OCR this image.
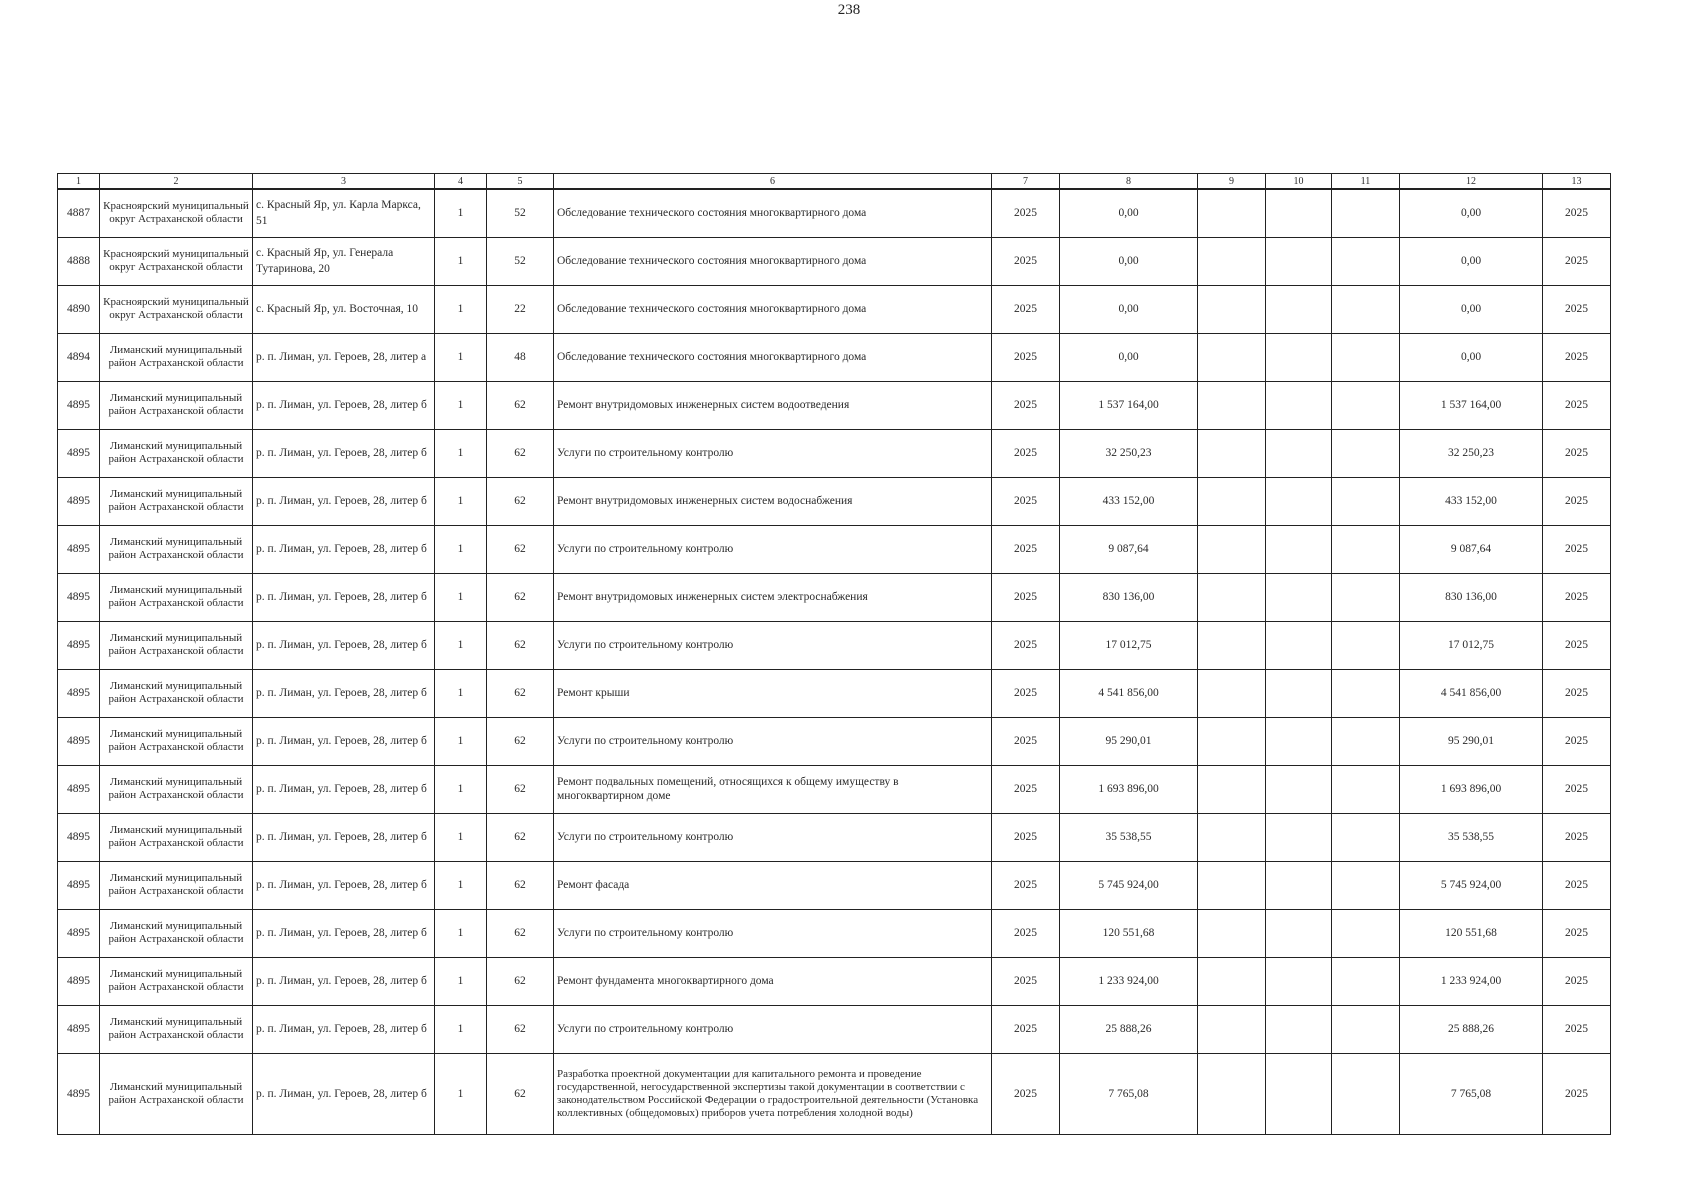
238
1	2	3	4	5	6	7	8	9	10	11	12	13
4887	Красноярский муниципальный округ Астраханской области	с. Красный Яр, ул. Карла Маркса, 51	1	52	Обследование технического состояния многоквартирного дома	2025	0,00				0,00	2025
4888	Красноярский муниципальный округ Астраханской области	с. Красный Яр, ул. Генерала Тутаринова, 20	1	52	Обследование технического состояния многоквартирного дома	2025	0,00				0,00	2025
4890	Красноярский муниципальный округ Астраханской области	с. Красный Яр, ул. Восточная, 10	1	22	Обследование технического состояния многоквартирного дома	2025	0,00				0,00	2025
4894	Лиманский муниципальный район Астраханской области	р. п. Лиман, ул. Героев, 28, литер а	1	48	Обследование технического состояния многоквартирного дома	2025	0,00				0,00	2025
4895	Лиманский муниципальный район Астраханской области	р. п. Лиман, ул. Героев, 28, литер б	1	62	Ремонт внутридомовых инженерных систем водоотведения	2025	1 537 164,00				1 537 164,00	2025
4895	Лиманский муниципальный район Астраханской области	р. п. Лиман, ул. Героев, 28, литер б	1	62	Услуги по строительному контролю	2025	32 250,23				32 250,23	2025
4895	Лиманский муниципальный район Астраханской области	р. п. Лиман, ул. Героев, 28, литер б	1	62	Ремонт внутридомовых инженерных систем водоснабжения	2025	433 152,00				433 152,00	2025
4895	Лиманский муниципальный район Астраханской области	р. п. Лиман, ул. Героев, 28, литер б	1	62	Услуги по строительному контролю	2025	9 087,64				9 087,64	2025
4895	Лиманский муниципальный район Астраханской области	р. п. Лиман, ул. Героев, 28, литер б	1	62	Ремонт внутридомовых инженерных систем электроснабжения	2025	830 136,00				830 136,00	2025
4895	Лиманский муниципальный район Астраханской области	р. п. Лиман, ул. Героев, 28, литер б	1	62	Услуги по строительному контролю	2025	17 012,75				17 012,75	2025
4895	Лиманский муниципальный район Астраханской области	р. п. Лиман, ул. Героев, 28, литер б	1	62	Ремонт крыши	2025	4 541 856,00				4 541 856,00	2025
4895	Лиманский муниципальный район Астраханской области	р. п. Лиман, ул. Героев, 28, литер б	1	62	Услуги по строительному контролю	2025	95 290,01				95 290,01	2025
4895	Лиманский муниципальный район Астраханской области	р. п. Лиман, ул. Героев, 28, литер б	1	62	Ремонт подвальных помещений, относящихся к общему имуществу в многоквартирном доме	2025	1 693 896,00				1 693 896,00	2025
4895	Лиманский муниципальный район Астраханской области	р. п. Лиман, ул. Героев, 28, литер б	1	62	Услуги по строительному контролю	2025	35 538,55				35 538,55	2025
4895	Лиманский муниципальный район Астраханской области	р. п. Лиман, ул. Героев, 28, литер б	1	62	Ремонт фасада	2025	5 745 924,00				5 745 924,00	2025
4895	Лиманский муниципальный район Астраханской области	р. п. Лиман, ул. Героев, 28, литер б	1	62	Услуги по строительному контролю	2025	120 551,68				120 551,68	2025
4895	Лиманский муниципальный район Астраханской области	р. п. Лиман, ул. Героев, 28, литер б	1	62	Ремонт фундамента многоквартирного дома	2025	1 233 924,00				1 233 924,00	2025
4895	Лиманский муниципальный район Астраханской области	р. п. Лиман, ул. Героев, 28, литер б	1	62	Услуги по строительному контролю	2025	25 888,26				25 888,26	2025
4895	Лиманский муниципальный район Астраханской области	р. п. Лиман, ул. Героев, 28, литер б	1	62	Разработка проектной документации для капитального ремонта и проведение государственной, негосударственной экспертизы такой документации в соответствии с законодательством Российской Федерации о градостроительной деятельности (Установка коллективных (общедомовых) приборов учета потребления холодной воды)	2025	7 765,08				7 765,08	2025
